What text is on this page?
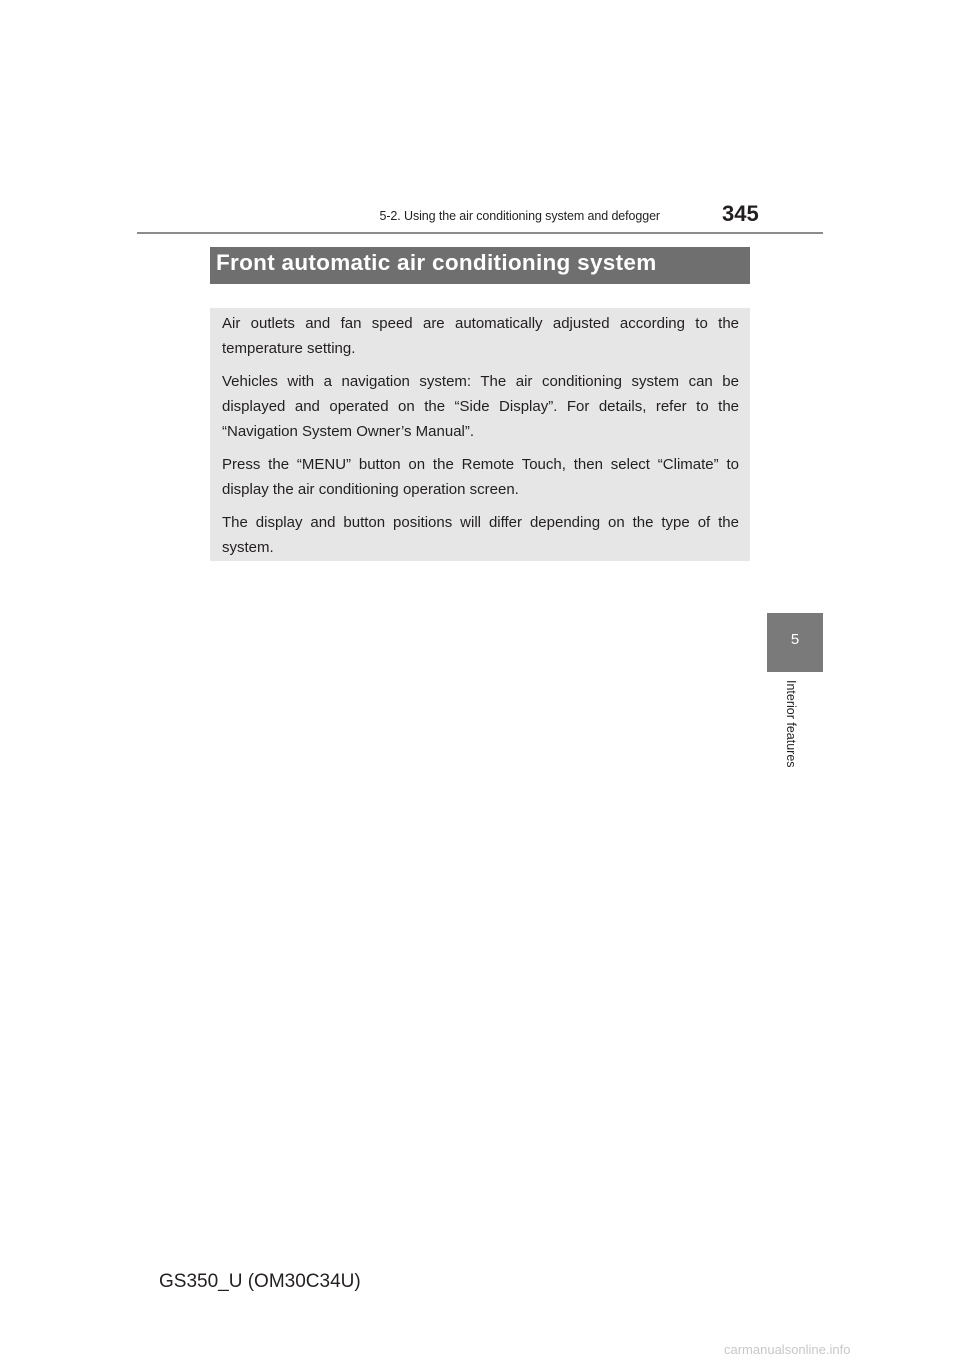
5-2. Using the air conditioning system and defogger	345
Front automatic air conditioning system

Air outlets and fan speed are automatically adjusted according to the temperature setting.

Vehicles with a navigation system: The air conditioning system can be displayed and operated on the “Side Display”. For details, refer to the “Navigation System Owner’s Manual”.

Press the “MENU” button on the Remote Touch, then select “Climate” to display the air conditioning operation screen.

The display and button positions will differ depending on the type of the system.

5
Interior features
GS350_U (OM30C34U)
carmanualsonline.info
